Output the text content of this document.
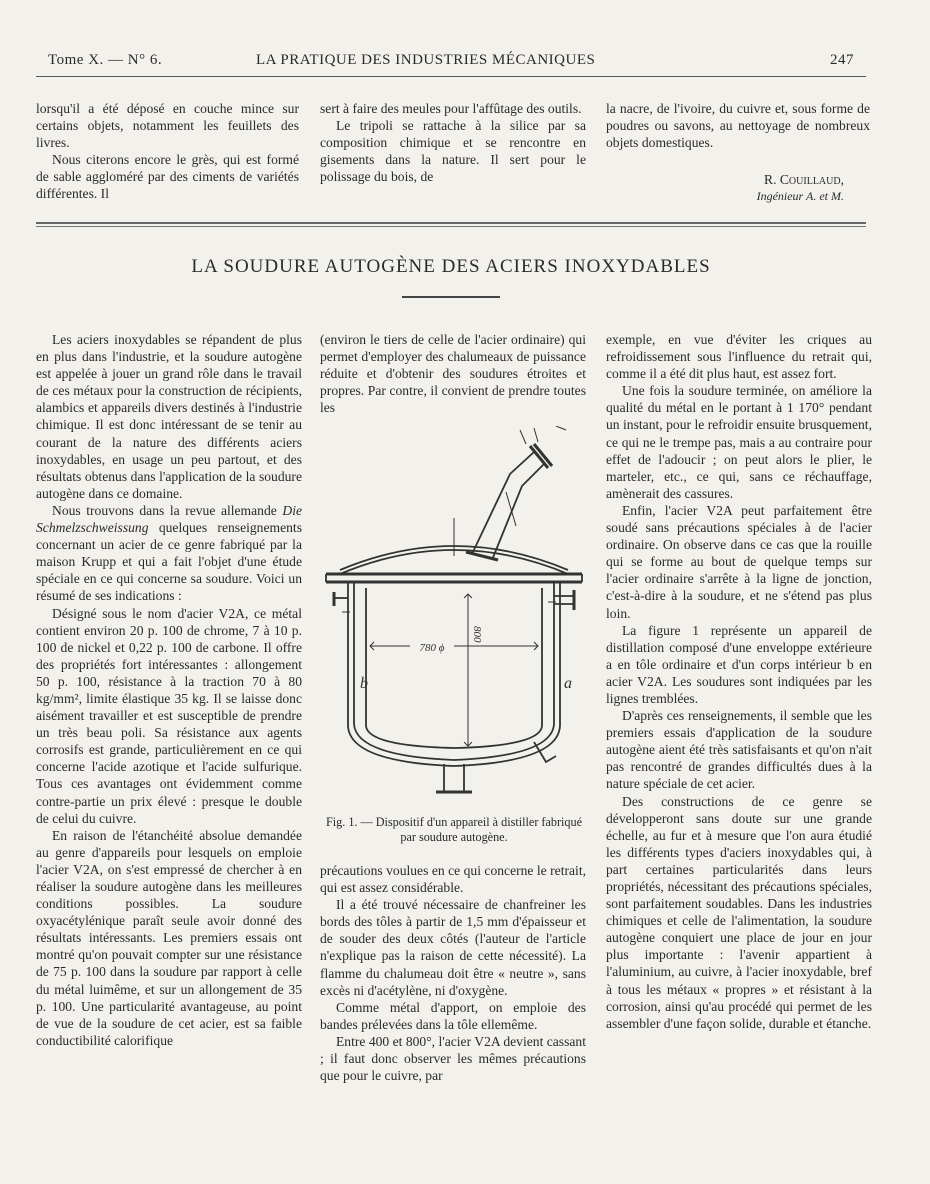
Tome X. — N° 6.	LA PRATIQUE DES INDUSTRIES MÉCANIQUES	247

lorsqu'il a été déposé en couche mince sur certains objets, notamment les feuillets des livres.

Nous citerons encore le grès, qui est formé de sable aggloméré par des ciments de variétés différentes. Il

sert à faire des meules pour l'affûtage des outils.

Le tripoli se rattache à la silice par sa composition chimique et se rencontre en gisements dans la nature. Il sert pour le polissage du bois, de

la nacre, de l'ivoire, du cuivre et, sous forme de poudres ou savons, au nettoyage de nombreux objets domestiques.

R. Couillaud,
Ingénieur A. et M.
LA SOUDURE AUTOGÈNE DES ACIERS INOXYDABLES

Les aciers inoxydables se répandent de plus en plus dans l'industrie, et la soudure autogène est appelée à jouer un grand rôle dans le travail de ces métaux pour la construction de récipients, alambics et appareils divers destinés à l'industrie chimique. Il est donc intéressant de se tenir au courant de la nature des différents aciers inoxydables, en usage un peu partout, et des résultats obtenus dans l'application de la soudure autogène dans ce domaine.

Nous trouvons dans la revue allemande Die Schmelzschweissung quelques renseignements concernant un acier de ce genre fabriqué par la maison Krupp et qui a fait l'objet d'une étude spéciale en ce qui concerne sa soudure. Voici un résumé de ses indications :

Désigné sous le nom d'acier V2A, ce métal contient environ 20 p. 100 de chrome, 7 à 10 p. 100 de nickel et 0,22 p. 100 de carbone. Il offre des propriétés fort intéressantes : allongement 50 p. 100, résistance à la traction 70 à 80 kg/mm², limite élastique 35 kg. Il se laisse donc aisément travailler et est susceptible de prendre un très beau poli. Sa résistance aux agents corrosifs est grande, particulièrement en ce qui concerne l'acide azotique et l'acide sulfurique. Tous ces avantages ont évidemment comme contre-partie un prix élevé : presque le double de celui du cuivre.

En raison de l'étanchéité absolue demandée au genre d'appareils pour lesquels on emploie l'acier V2A, on s'est empressé de chercher à en réaliser la soudure autogène dans les meilleures conditions possibles. La soudure oxyacétylénique paraît seule avoir donné des résultats intéressants. Les premiers essais ont montré qu'on pouvait compter sur une résistance de 75 p. 100 dans la soudure par rapport à celle du métal luimême, et sur un allongement de 35 p. 100. Une particularité avantageuse, au point de vue de la soudure de cet acier, est sa faible conductibilité calorifique

(environ le tiers de celle de l'acier ordinaire) qui permet d'employer des chalumeaux de puissance réduite et d'obtenir des soudures étroites et propres. Par contre, il convient de prendre toutes les

780 ϕ
800
b	a
Fig. 1. — Dispositif d'un appareil à distiller fabriqué par soudure autogène.

précautions voulues en ce qui concerne le retrait, qui est assez considérable.

Il a été trouvé nécessaire de chanfreiner les bords des tôles à partir de 1,5 mm d'épaisseur et de souder des deux côtés (l'auteur de l'article n'explique pas la raison de cette nécessité). La flamme du chalumeau doit être « neutre », sans excès ni d'acétylène, ni d'oxygène.

Comme métal d'apport, on emploie des bandes prélevées dans la tôle ellemême.

Entre 400 et 800°, l'acier V2A devient cassant ; il faut donc observer les mêmes précautions que pour le cuivre, par

exemple, en vue d'éviter les criques au refroidissement sous l'influence du retrait qui, comme il a été dit plus haut, est assez fort.

Une fois la soudure terminée, on améliore la qualité du métal en le portant à 1 170° pendant un instant, pour le refroidir ensuite brusquement, ce qui ne le trempe pas, mais a au contraire pour effet de l'adoucir ; on peut alors le plier, le marteler, etc., ce qui, sans ce réchauffage, amènerait des cassures.

Enfin, l'acier V2A peut parfaitement être soudé sans précautions spéciales à de l'acier ordinaire. On observe dans ce cas que la rouille qui se forme au bout de quelque temps sur l'acier ordinaire s'arrête à la ligne de jonction, c'est-à-dire à la soudure, et ne s'étend pas plus loin.

La figure 1 représente un appareil de distillation composé d'une enveloppe extérieure a en tôle ordinaire et d'un corps intérieur b en acier V2A. Les soudures sont indiquées par les lignes tremblées.

D'après ces renseignements, il semble que les premiers essais d'application de la soudure autogène aient été très satisfaisants et qu'on n'ait pas rencontré de grandes difficultés dues à la nature spéciale de cet acier.

Des constructions de ce genre se développeront sans doute sur une grande échelle, au fur et à mesure que l'on aura étudié les différents types d'aciers inoxydables qui, à part certaines particularités dans leurs propriétés, nécessitant des précautions spéciales, sont parfaitement soudables. Dans les industries chimiques et celle de l'alimentation, la soudure autogène conquiert une place de jour en jour plus importante : l'avenir appartient à l'aluminium, au cuivre, à l'acier inoxydable, bref à tous les métaux « propres » et résistant à la corrosion, ainsi qu'au procédé qui permet de les assembler d'une façon solide, durable et étanche.
